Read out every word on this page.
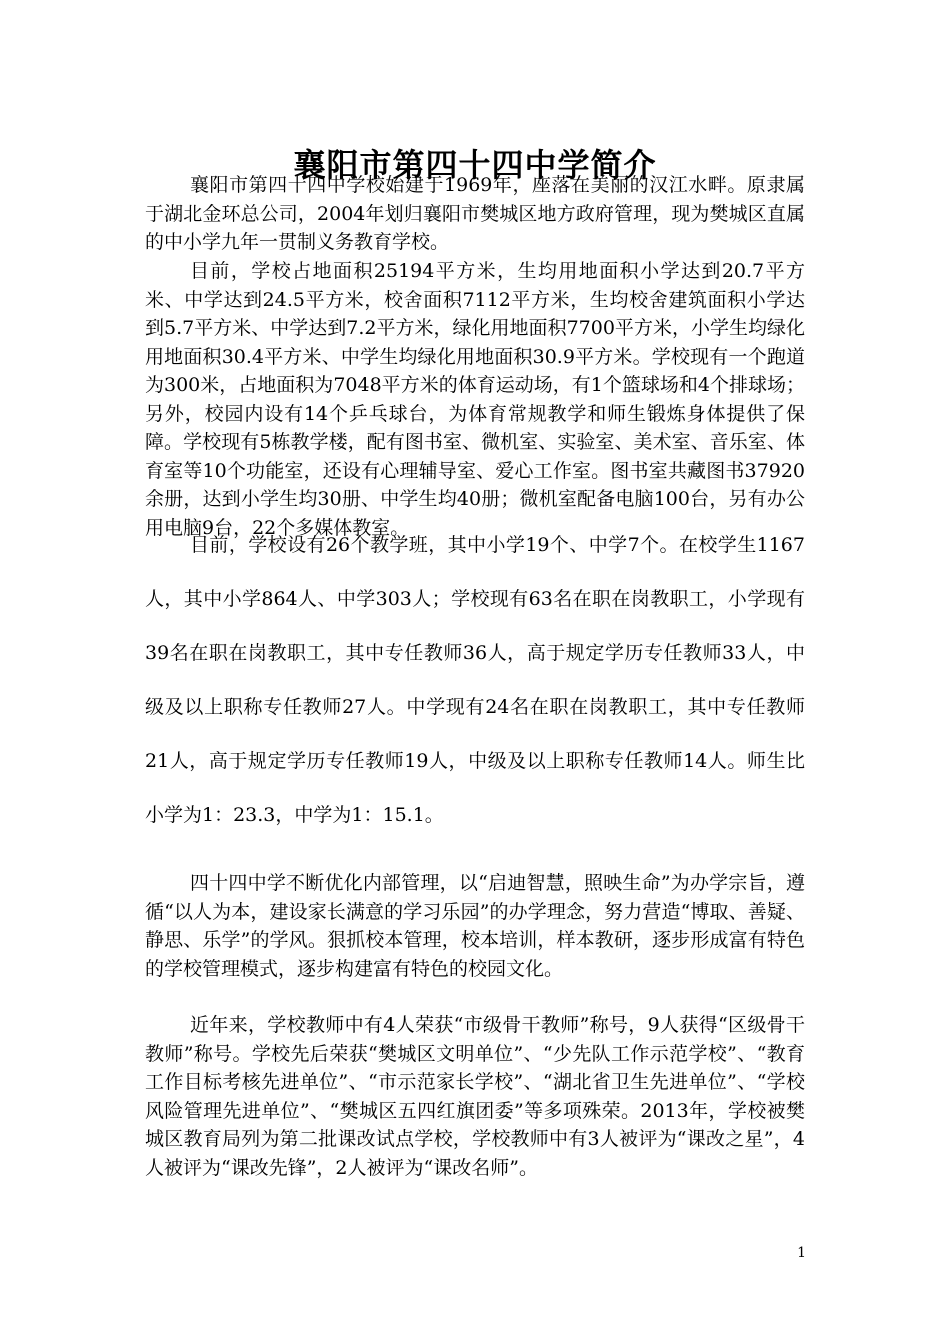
襄阳市第四十四中学简介

襄阳市第四十四中学校始建于1969年，座落在美丽的汉江水畔。原隶属于湖北金环总公司，2004年划归襄阳市樊城区地方政府管理，现为樊城区直属的中小学九年一贯制义务教育学校。

目前，学校占地面积25194平方米，生均用地面积小学达到20.7平方米、中学达到24.5平方米，校舍面积7112平方米，生均校舍建筑面积小学达到5.7平方米、中学达到7.2平方米，绿化用地面积7700平方米，小学生均绿化用地面积30.4平方米、中学生均绿化用地面积30.9平方米。学校现有一个跑道为300米，占地面积为7048平方米的体育运动场，有1个篮球场和4个排球场；另外，校园内设有14个乒乓球台，为体育常规教学和师生锻炼身体提供了保障。学校现有5栋教学楼，配有图书室、微机室、实验室、美术室、音乐室、体育室等10个功能室，还设有心理辅导室、爱心工作室。图书室共藏图书37920余册，达到小学生均30册、中学生均40册；微机室配备电脑100台，另有办公用电脑9台，22个多媒体教室。

目前，学校设有26个教学班，其中小学19个、中学7个。在校学生1167人，其中小学864人、中学303人；学校现有63名在职在岗教职工，小学现有39名在职在岗教职工，其中专任教师36人，高于规定学历专任教师33人，中级及以上职称专任教师27人。中学现有24名在职在岗教职工，其中专任教师21人，高于规定学历专任教师19人，中级及以上职称专任教师14人。师生比小学为1：23.3，中学为1：15.1。

四十四中学不断优化内部管理，以“启迪智慧，照映生命”为办学宗旨，遵循“以人为本，建设家长满意的学习乐园”的办学理念，努力营造“博取、善疑、静思、乐学”的学风。狠抓校本管理，校本培训，样本教研，逐步形成富有特色的学校管理模式，逐步构建富有特色的校园文化。

近年来，学校教师中有4人荣获“市级骨干教师”称号，9人获得“区级骨干教师”称号。学校先后荣获“樊城区文明单位”、“少先队工作示范学校”、“教育工作目标考核先进单位”、“市示范家长学校”、“湖北省卫生先进单位”、“学校风险管理先进单位”、“樊城区五四红旗团委”等多项殊荣。2013年，学校被樊城区教育局列为第二批课改试点学校，学校教师中有3人被评为“课改之星”，4人被评为“课改先锋”，2人被评为“课改名师”。

1
